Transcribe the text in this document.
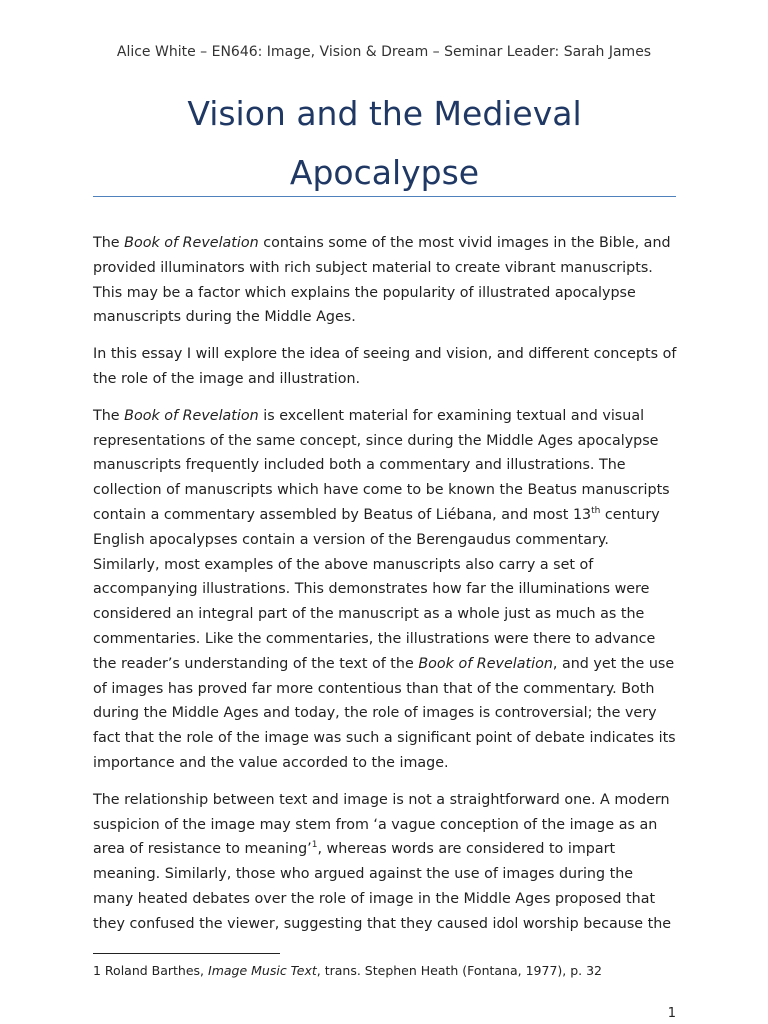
Alice White – EN646: Image, Vision & Dream – Seminar Leader: Sarah James
Vision and the Medieval
Apocalypse

The Book of Revelation contains some of the most vivid images in the Bible, and provided illuminators with rich subject material to create vibrant manuscripts. This may be a factor which explains the popularity of illustrated apocalypse manuscripts during the Middle Ages.

In this essay I will explore the idea of seeing and vision, and different concepts of the role of the image and illustration.

The Book of Revelation is excellent material for examining textual and visual representations of the same concept, since during the Middle Ages apocalypse manuscripts frequently included both a commentary and illustrations. The collection of manuscripts which have come to be known the Beatus manuscripts contain a commentary assembled by Beatus of Liébana, and most 13th century English apocalypses contain a version of the Berengaudus commentary. Similarly, most examples of the above manuscripts also carry a set of accompanying illustrations. This demonstrates how far the illuminations were considered an integral part of the manuscript as a whole just as much as the commentaries. Like the commentaries, the illustrations were there to advance the reader’s understanding of the text of the Book of Revelation, and yet the use of images has proved far more contentious than that of the commentary. Both during the Middle Ages and today, the role of images is controversial; the very fact that the role of the image was such a significant point of debate indicates its importance and the value accorded to the image.

The relationship between text and image is not a straightforward one. A modern suspicion of the image may stem from ‘a vague conception of the image as an area of resistance to meaning’$^1$, whereas words are considered to impart meaning. Similarly, those who argued against the use of images during the many heated debates over the role of image in the Middle Ages proposed that they confused the viewer, suggesting that they caused idol worship because the

1 Roland Barthes, Image Music Text, trans. Stephen Heath (Fontana, 1977), p. 32
1
